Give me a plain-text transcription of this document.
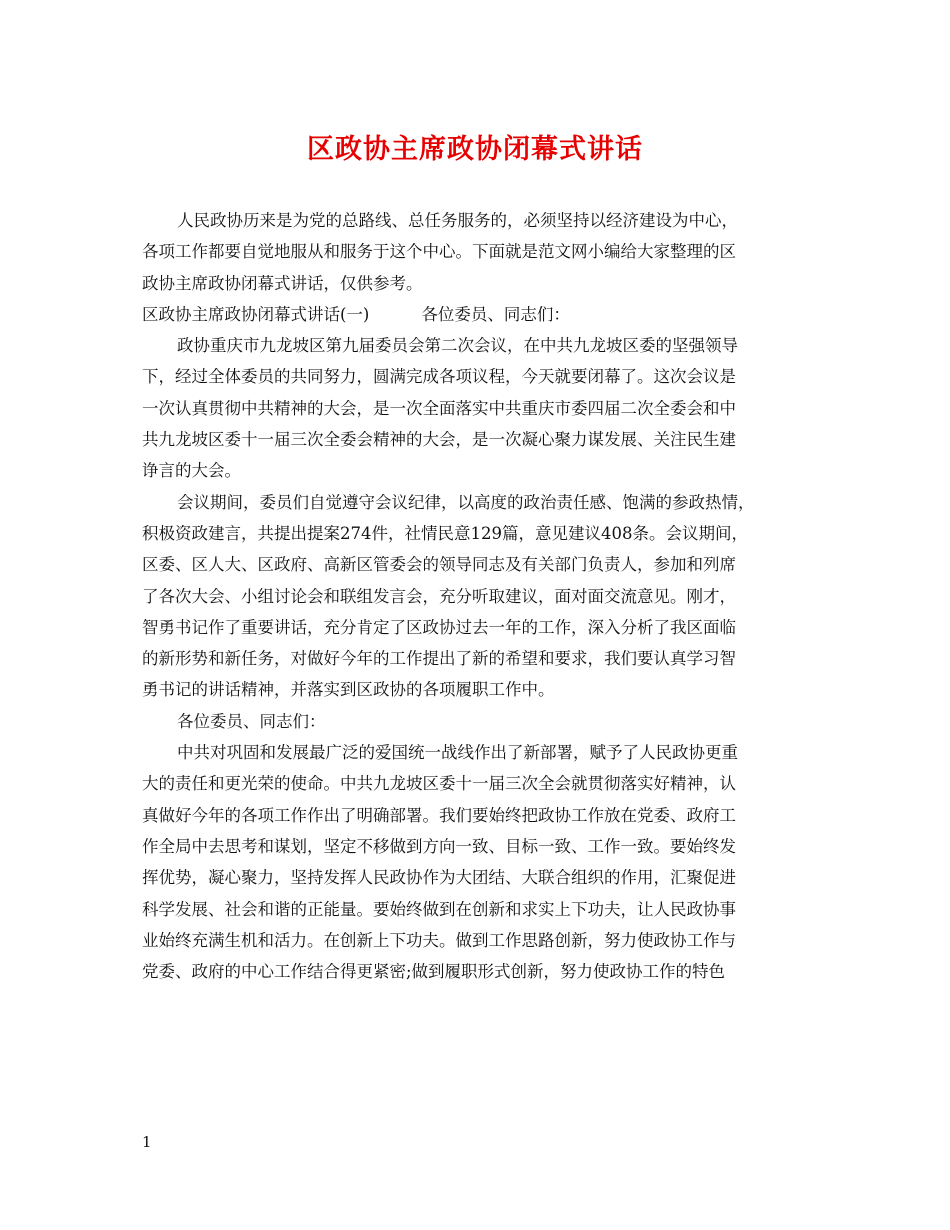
区政协主席政协闭幕式讲话
人民政协历来是为党的总路线、总任务服务的，必须坚持以经济建设为中心，
各项工作都要自觉地服从和服务于这个中心。下面就是范文网小编给大家整理的区
政协主席政协闭幕式讲话，仅供参考。
区政协主席政协闭幕式讲话(一)	各位委员、同志们：
政协重庆市九龙坡区第九届委员会第二次会议，在中共九龙坡区委的坚强领导
下，经过全体委员的共同努力，圆满完成各项议程，今天就要闭幕了。这次会议是
一次认真贯彻中共精神的大会，是一次全面落实中共重庆市委四届二次全委会和中
共九龙坡区委十一届三次全委会精神的大会，是一次凝心聚力谋发展、关注民生建
诤言的大会。
会议期间，委员们自觉遵守会议纪律，以高度的政治责任感、饱满的参政热情，
积极资政建言，共提出提案274件，社情民意129篇，意见建议408条。会议期间，
区委、区人大、区政府、高新区管委会的领导同志及有关部门负责人，参加和列席
了各次大会、小组讨论会和联组发言会，充分听取建议，面对面交流意见。刚才，
智勇书记作了重要讲话，充分肯定了区政协过去一年的工作，深入分析了我区面临
的新形势和新任务，对做好今年的工作提出了新的希望和要求，我们要认真学习智
勇书记的讲话精神，并落实到区政协的各项履职工作中。
各位委员、同志们：
中共对巩固和发展最广泛的爱国统一战线作出了新部署，赋予了人民政协更重
大的责任和更光荣的使命。中共九龙坡区委十一届三次全会就贯彻落实好精神，认
真做好今年的各项工作作出了明确部署。我们要始终把政协工作放在党委、政府工
作全局中去思考和谋划，坚定不移做到方向一致、目标一致、工作一致。要始终发
挥优势，凝心聚力，坚持发挥人民政协作为大团结、大联合组织的作用，汇聚促进
科学发展、社会和谐的正能量。要始终做到在创新和求实上下功夫，让人民政协事
业始终充满生机和活力。在创新上下功夫。做到工作思路创新，努力使政协工作与
党委、政府的中心工作结合得更紧密;做到履职形式创新，努力使政协工作的特色
1
